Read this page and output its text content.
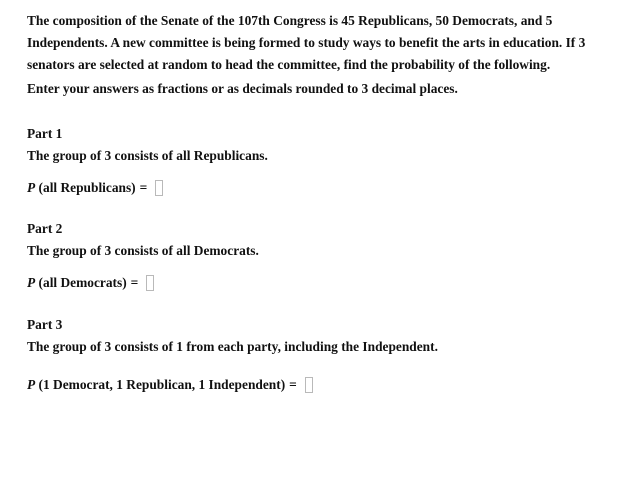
The composition of the Senate of the 107th Congress is 45 Republicans, 50 Democrats, and 5 Independents. A new committee is being formed to study ways to benefit the arts in education. If 3 senators are selected at random to head the committee, find the probability of the following.
Enter your answers as fractions or as decimals rounded to 3 decimal places.
Part 1
The group of 3 consists of all Republicans.
P (all Republicans) =
Part 2
The group of 3 consists of all Democrats.
P (all Democrats) =
Part 3
The group of 3 consists of 1 from each party, including the Independent.
P (1 Democrat, 1 Republican, 1 Independent) =
